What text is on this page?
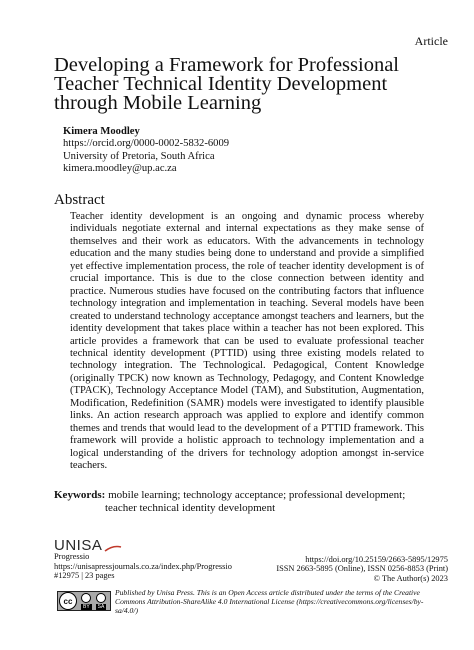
Article
Developing a Framework for Professional Teacher Technical Identity Development through Mobile Learning
Kimera Moodley
https://orcid.org/0000-0002-5832-6009
University of Pretoria, South Africa
kimera.moodley@up.ac.za
Abstract

Teacher identity development is an ongoing and dynamic process whereby individuals negotiate external and internal expectations as they make sense of themselves and their work as educators. With the advancements in technology education and the many studies being done to understand and provide a simplified yet effective implementation process, the role of teacher identity development is of crucial importance. This is due to the close connection between identity and practice. Numerous studies have focused on the contributing factors that influence technology integration and implementation in teaching. Several models have been created to understand technology acceptance amongst teachers and learners, but the identity development that takes place within a teacher has not been explored. This article provides a framework that can be used to evaluate professional teacher technical identity development (PTTID) using three existing models related to technology integration. The Technological. Pedagogical, Content Knowledge (originally TPCK) now known as Technology, Pedagogy, and Content Knowledge (TPACK), Technology Acceptance Model (TAM), and Substitution, Augmentation, Modification, Redefinition (SAMR) models were investigated to identify plausible links. An action research approach was applied to explore and identify common themes and trends that would lead to the development of a PTTID framework. This framework will provide a holistic approach to technology implementation and a logical understanding of the drivers for technology adoption amongst in-service teachers.

Keywords: mobile learning; technology acceptance; professional development;
teacher technical identity development
UNISA
Progressio
https://unisapressjournals.co.za/index.php/Progressio
#12975 | 23 pages
https://doi.org/10.25159/2663-5895/12975
ISSN 2663-5895 (Online), ISSN 0256-8853 (Print)
© The Author(s) 2023
cc
BY	SA
Published by Unisa Press. This is an Open Access article distributed under the terms of the Creative Commons Attribution-ShareAlike 4.0 International License (https://creativecommons.org/licenses/by-sa/4.0/)
